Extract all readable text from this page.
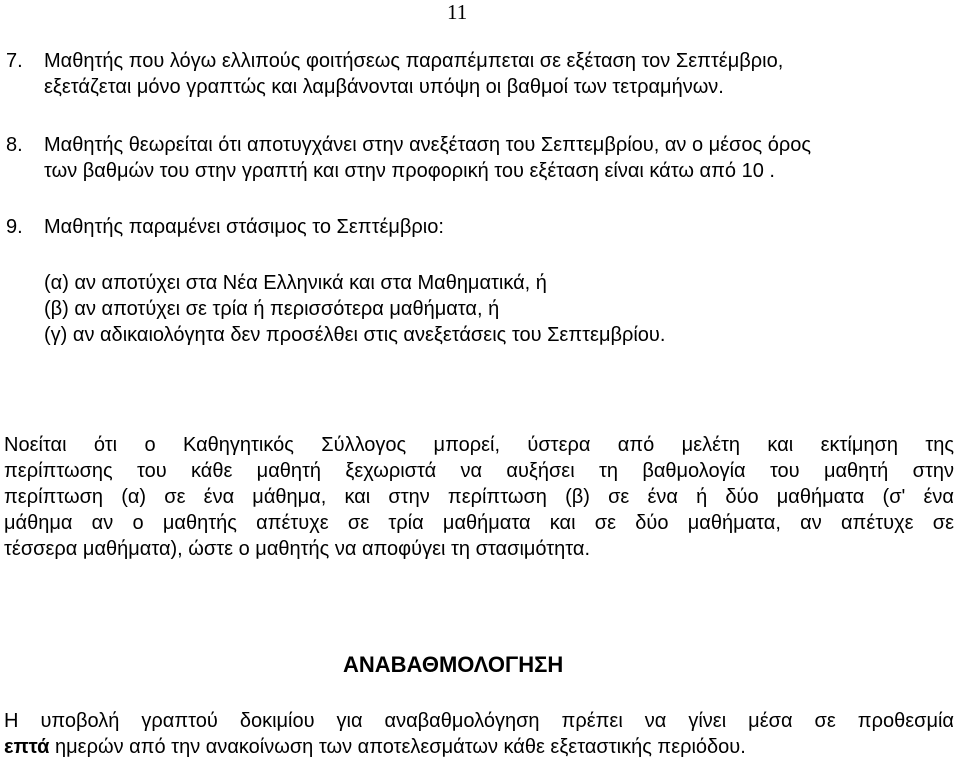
11
7. Μαθητής που λόγω ελλιπούς φοιτήσεως παραπέμπεται σε εξέταση τον Σεπτέμβριο,
εξετάζεται μόνο γραπτώς και λαμβάνονται υπόψη οι βαθμοί των τετραμήνων.
8. Μαθητής θεωρείται ότι αποτυγχάνει στην ανεξέταση του Σεπτεμβρίου, αν ο μέσος όρος
των βαθμών του στην γραπτή και στην προφορική του εξέταση είναι κάτω από 10 .
9. Μαθητής παραμένει στάσιμος το Σεπτέμβριο:
(α) αν αποτύχει στα Νέα Ελληνικά και στα Μαθηματικά, ή
(β) αν αποτύχει σε τρία ή περισσότερα μαθήματα, ή
(γ) αν αδικαιολόγητα δεν προσέλθει στις ανεξετάσεις του Σεπτεμβρίου.
Νοείται ότι ο Καθηγητικός Σύλλογος μπορεί, ύστερα από μελέτη και εκτίμηση της
περίπτωσης του κάθε μαθητή ξεχωριστά να αυξήσει τη βαθμολογία του μαθητή στην
περίπτωση (α) σε ένα μάθημα, και στην περίπτωση (β) σε ένα ή δύο μαθήματα (σ' ένα
μάθημα αν ο μαθητής απέτυχε σε τρία μαθήματα και σε δύο μαθήματα, αν απέτυχε σε
τέσσερα μαθήματα), ώστε ο μαθητής να αποφύγει τη στασιμότητα.
ΑΝΑΒΑΘΜΟΛΟΓΗΣΗ
Η υποβολή γραπτού δοκιμίου για αναβαθμολόγηση πρέπει να γίνει μέσα σε προθεσμία
επτά ημερών από την ανακοίνωση των αποτελεσμάτων κάθε εξεταστικής περιόδου.
